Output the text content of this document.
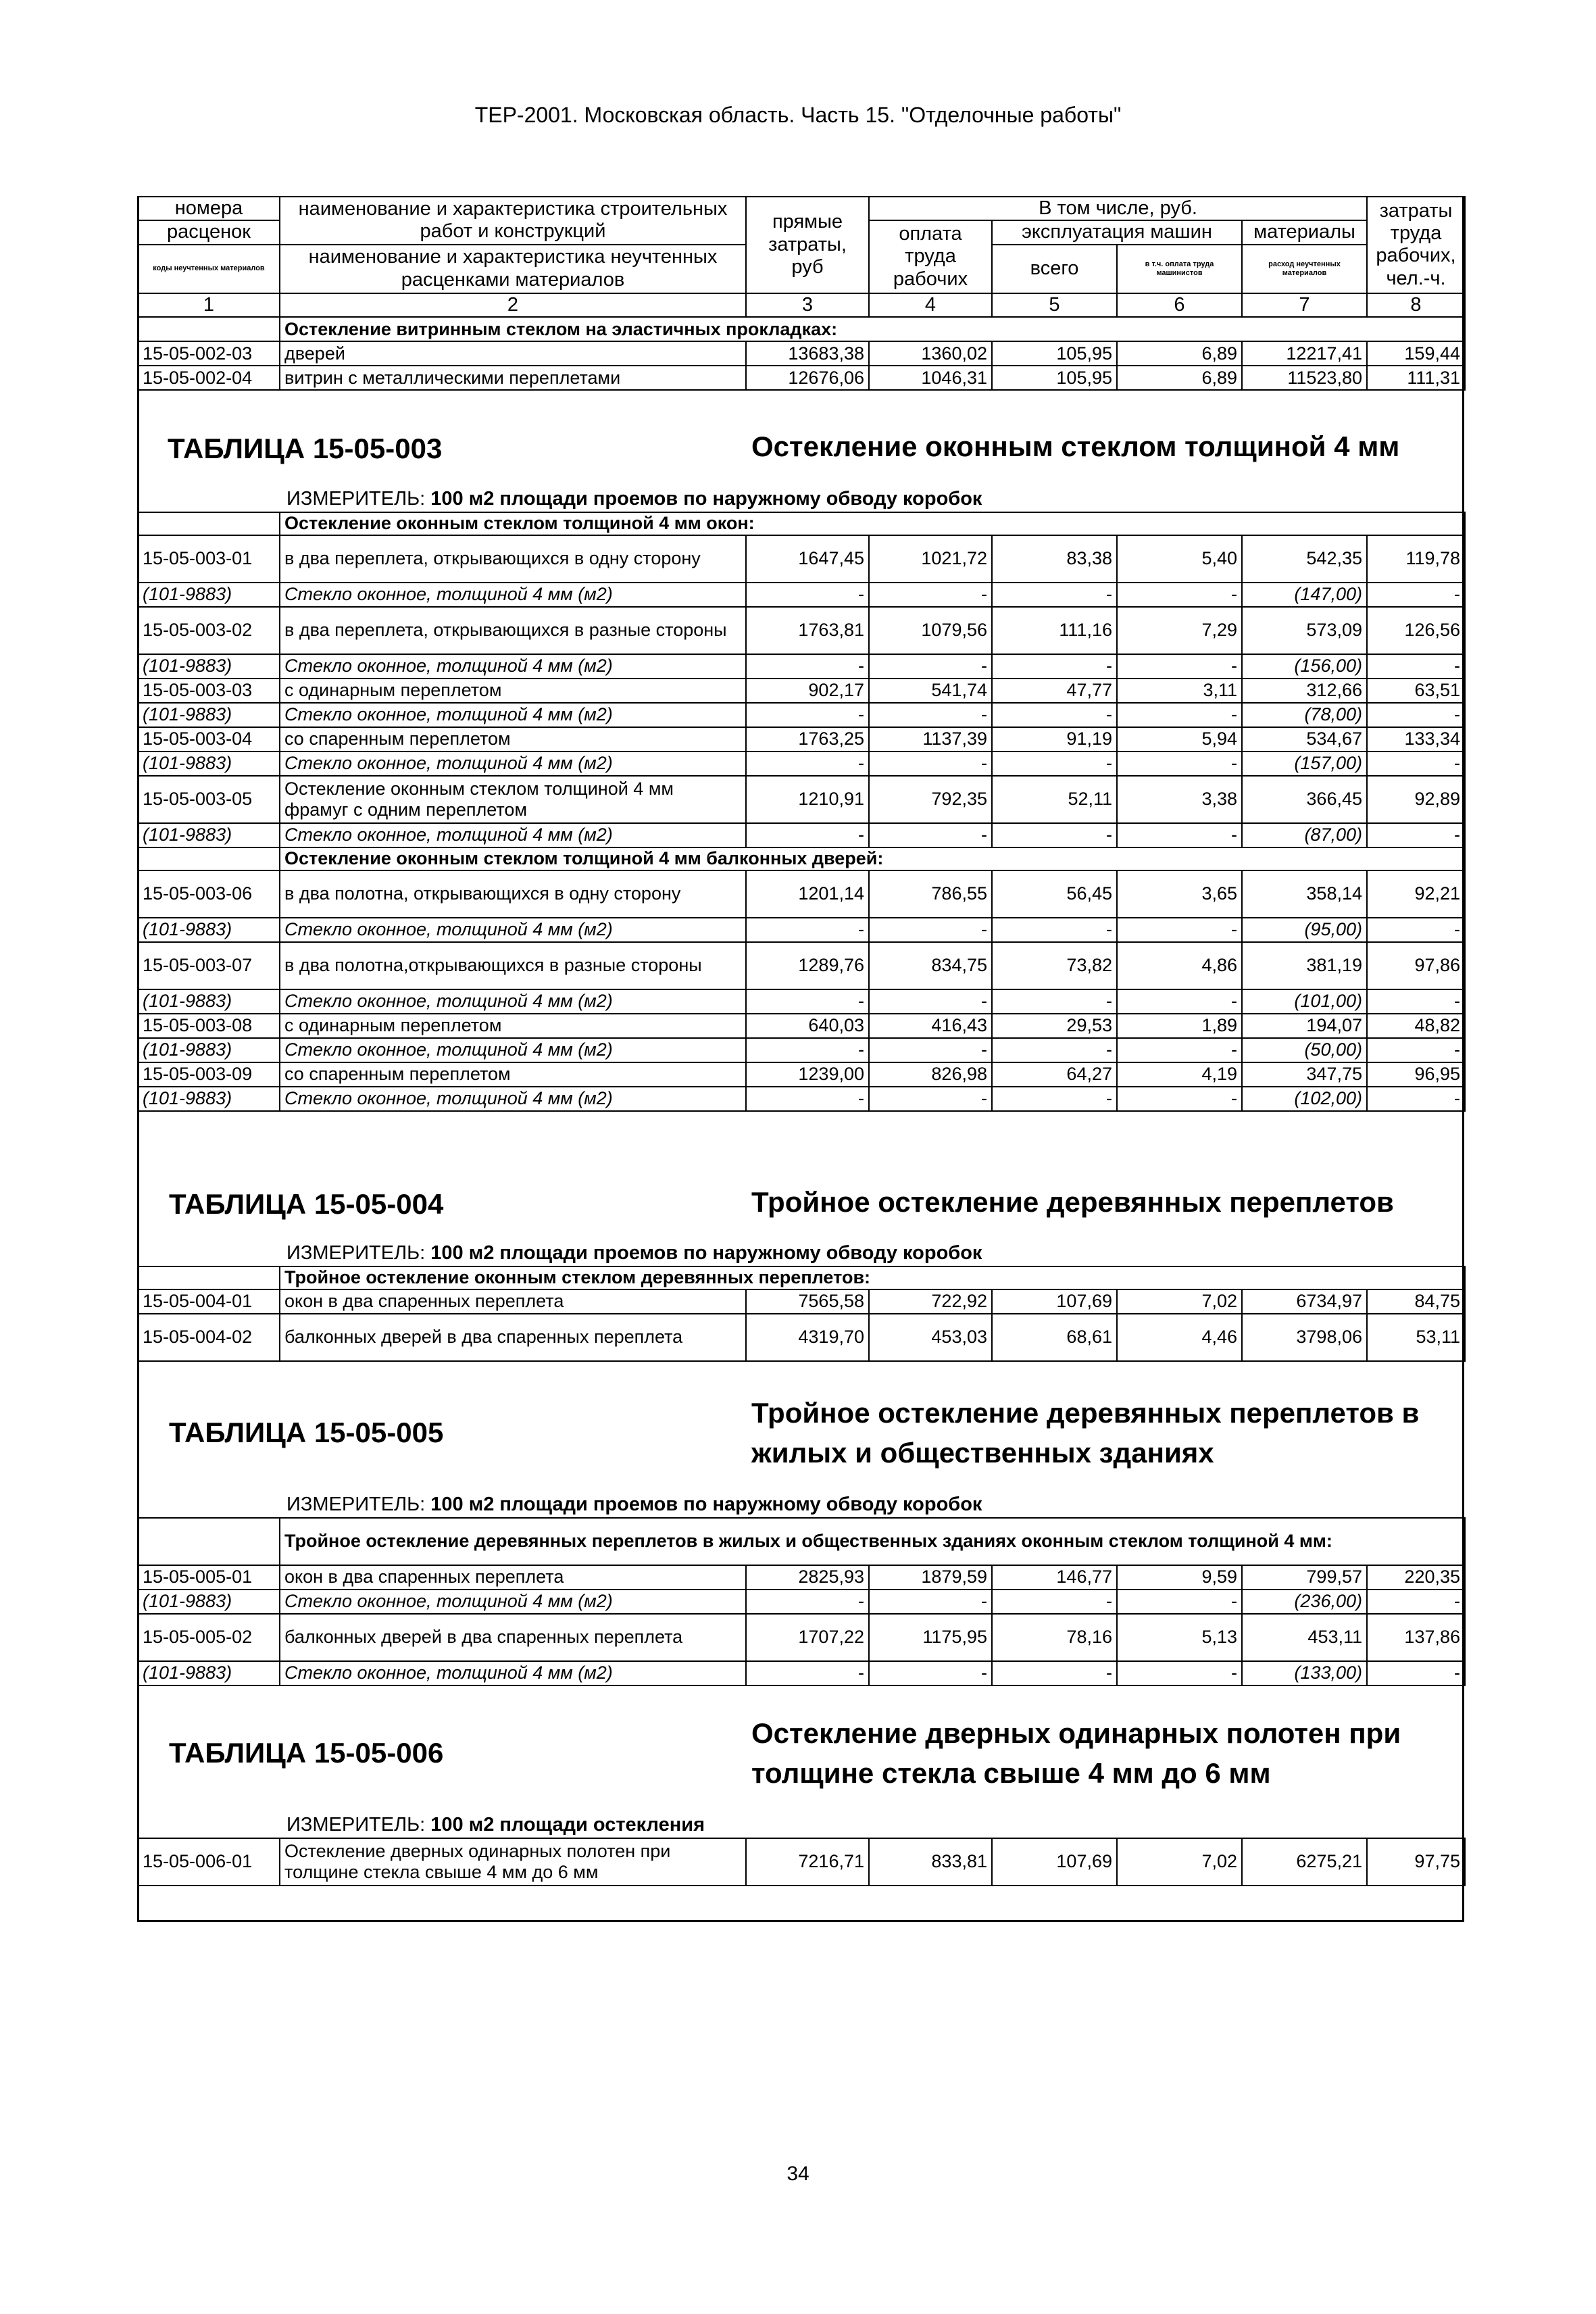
ТЕР-2001. Московская область. Часть 15. "Отделочные работы"
номера	наименование и характеристика строительных работ и конструкций	прямые затраты, руб	В том числе, руб.				затраты труда рабочих, чел.-ч.
расценок			оплата труда рабочих	эксплуатация машин		материалы	
коды неучтенных материалов	наименование и характеристика неучтенных расценками материалов			всего	в т.ч. оплата труда машинистов	расход неучтенных материалов	

1	2	3	4	5	6	7	8
	Остекление витринным стеклом на эластичных прокладках:						
15-05-002-03	дверей	13683,38	1360,02	105,95	6,89	12217,41	159,44
15-05-002-04	витрин с металлическими переплетами	12676,06	1046,31	105,95	6,89	11523,80	111,31
ТАБЛИЦА 15-05-003	Остекление оконным стеклом толщиной 4 мм
ИЗМЕРИТЕЛЬ: 100 м2 площади проемов по наружному обводу коробок
	Остекление оконным стеклом толщиной 4 мм окон:						
15-05-003-01	в два переплета, открывающихся в одну сторону	1647,45	1021,72	83,38	5,40	542,35	119,78
(101-9883)	Стекло оконное, толщиной 4 мм (м2)	-	-	-	-	(147,00)	-
15-05-003-02	в два переплета, открывающихся в разные стороны	1763,81	1079,56	111,16	7,29	573,09	126,56
(101-9883)	Стекло оконное, толщиной 4 мм (м2)	-	-	-	-	(156,00)	-
15-05-003-03	с одинарным переплетом	902,17	541,74	47,77	3,11	312,66	63,51
(101-9883)	Стекло оконное, толщиной 4 мм (м2)	-	-	-	-	(78,00)	-
15-05-003-04	со спаренным переплетом	1763,25	1137,39	91,19	5,94	534,67	133,34
(101-9883)	Стекло оконное, толщиной 4 мм (м2)	-	-	-	-	(157,00)	-
15-05-003-05	Остекление оконным стеклом толщиной 4 мм фрамуг с одним переплетом	1210,91	792,35	52,11	3,38	366,45	92,89
(101-9883)	Стекло оконное, толщиной 4 мм (м2)	-	-	-	-	(87,00)	-
	Остекление оконным стеклом толщиной 4 мм балконных дверей:						
15-05-003-06	в два полотна, открывающихся в одну сторону	1201,14	786,55	56,45	3,65	358,14	92,21
(101-9883)	Стекло оконное, толщиной 4 мм (м2)	-	-	-	-	(95,00)	-
15-05-003-07	в два полотна,открывающихся в разные стороны	1289,76	834,75	73,82	4,86	381,19	97,86
(101-9883)	Стекло оконное, толщиной 4 мм (м2)	-	-	-	-	(101,00)	-
15-05-003-08	с одинарным переплетом	640,03	416,43	29,53	1,89	194,07	48,82
(101-9883)	Стекло оконное, толщиной 4 мм (м2)	-	-	-	-	(50,00)	-
15-05-003-09	со спаренным переплетом	1239,00	826,98	64,27	4,19	347,75	96,95
(101-9883)	Стекло оконное, толщиной 4 мм (м2)	-	-	-	-	(102,00)	-
ТАБЛИЦА 15-05-004	Тройное остекление деревянных переплетов
ИЗМЕРИТЕЛЬ: 100 м2 площади проемов по наружному обводу коробок
	Тройное остекление оконным стеклом деревянных переплетов:						
15-05-004-01	окон в два спаренных переплета	7565,58	722,92	107,69	7,02	6734,97	84,75
15-05-004-02	балконных дверей в два спаренных переплета	4319,70	453,03	68,61	4,46	3798,06	53,11
ТАБЛИЦА 15-05-005
Тройное остекление деревянных переплетов в
жилых и общественных зданиях
ИЗМЕРИТЕЛЬ: 100 м2 площади проемов по наружному обводу коробок
	Тройное остекление деревянных переплетов в жилых и общественных зданиях оконным стеклом толщиной 4 мм:						
15-05-005-01	окон в два спаренных переплета	2825,93	1879,59	146,77	9,59	799,57	220,35
(101-9883)	Стекло оконное, толщиной 4 мм (м2)	-	-	-	-	(236,00)	-
15-05-005-02	балконных дверей в два спаренных переплета	1707,22	1175,95	78,16	5,13	453,11	137,86
(101-9883)	Стекло оконное, толщиной 4 мм (м2)	-	-	-	-	(133,00)	-
ТАБЛИЦА 15-05-006
Остекление дверных одинарных полотен при
толщине стекла свыше 4 мм до 6 мм
ИЗМЕРИТЕЛЬ: 100 м2 площади остекления
15-05-006-01	Остекление дверных одинарных полотен при толщине стекла свыше 4 мм до 6 мм	7216,71	833,81	107,69	7,02	6275,21	97,75
34
